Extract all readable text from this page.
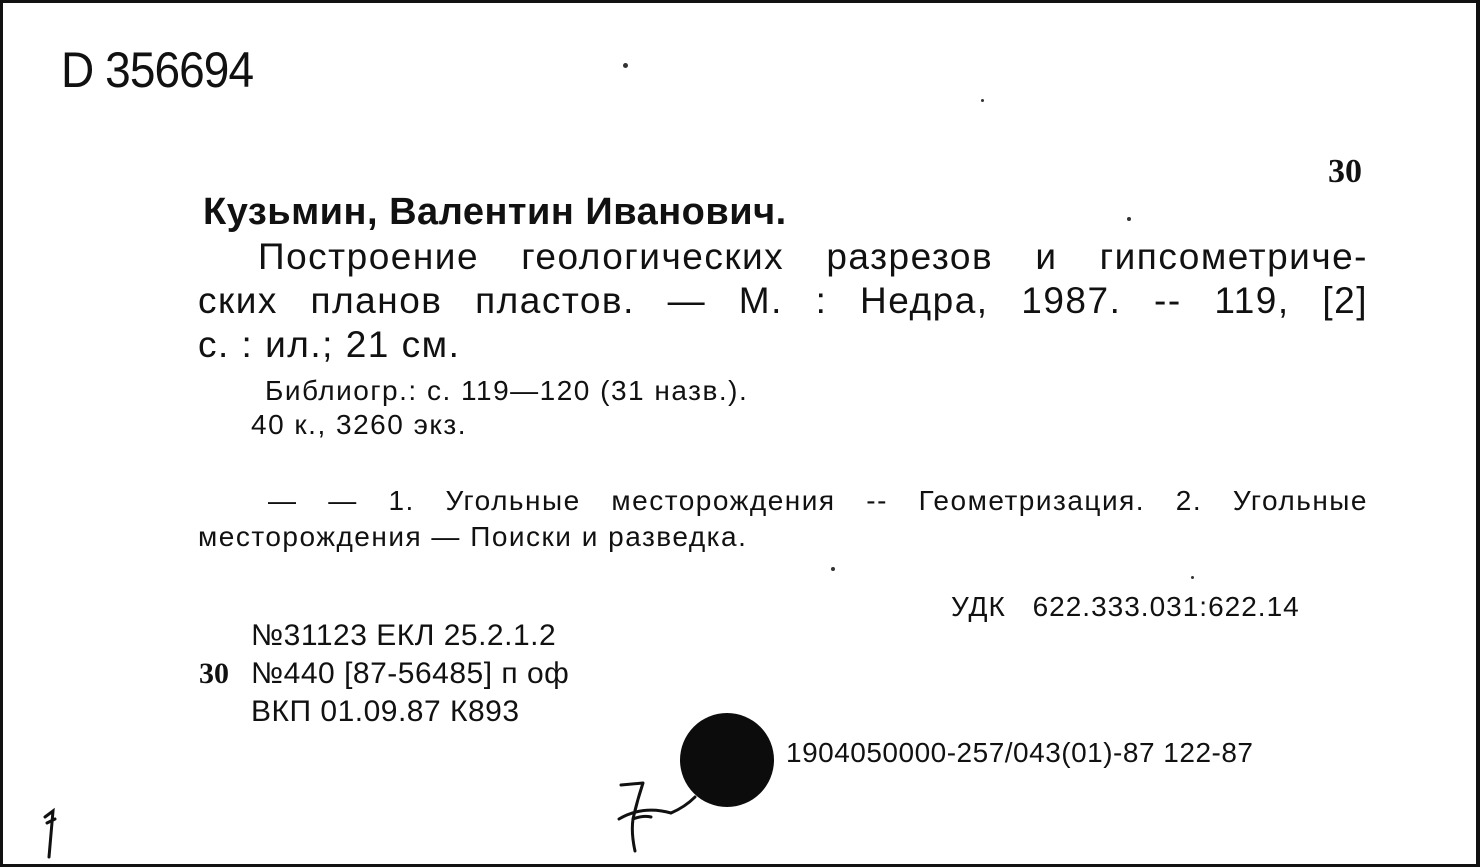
D 356694
30
Кузьмин, Валентин Иванович.
Построение геологических разрезов и гипсометриче-
ских планов пластов. — М. : Недра, 1987. -- 119, [2]
с. : ил.; 21 см.
Библиогр.: с. 119—120 (31 назв.).
40 к., 3260 экз.
— — 1. Угольные месторождения -- Геометризация. 2. Угольные
месторождения — Поиски и разведка.
УДК 622.333.031:622.14
№31123 ЕКЛ 25.2.1.2
30 №440 [87-56485] п оф
ВКП 01.09.87 К893
1904050000-257/043(01)-87 122-87
